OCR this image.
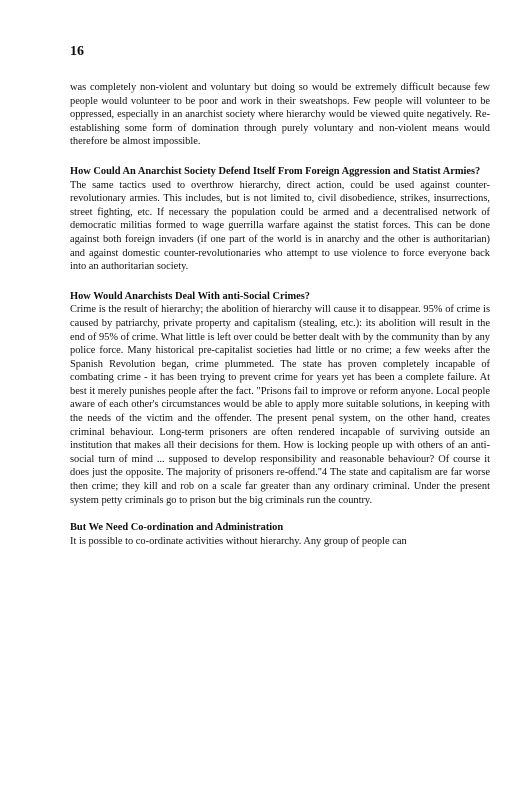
16

was completely non-violent and voluntary but doing so would be extremely difficult because few people would volunteer to be poor and work in their sweatshops. Few people will volunteer to be oppressed, especially in an anarchist society where hierarchy would be viewed quite negatively. Re-establishing some form of domination through purely voluntary and non-violent means would therefore be almost impossible.

How Could An Anarchist Society Defend Itself From Foreign Aggression and Statist Armies?

The same tactics used to overthrow hierarchy, direct action, could be used against counter-revolutionary armies. This includes, but is not limited to, civil disobedience, strikes, insurrections, street fighting, etc. If necessary the population could be armed and a decentralised network of democratic militias formed to wage guerrilla warfare against the statist forces. This can be done against both foreign invaders (if one part of the world is in anarchy and the other is authoritarian) and against domestic counter-revolutionaries who attempt to use violence to force everyone back into an authoritarian society.

How Would Anarchists Deal With anti-Social Crimes?

Crime is the result of hierarchy; the abolition of hierarchy will cause it to disappear. 95% of crime is caused by patriarchy, private property and capitalism (stealing, etc.): its abolition will result in the end of 95% of crime. What little is left over could be better dealt with by the community than by any police force. Many historical pre-capitalist societies had little or no crime; a few weeks after the Spanish Revolution began, crime plummeted. The state has proven completely incapable of combating crime - it has been trying to prevent crime for years yet has been a complete failure. At best it merely punishes people after the fact. "Prisons fail to improve or reform anyone. Local people aware of each other's circumstances would be able to apply more suitable solutions, in keeping with the needs of the victim and the offender. The present penal system, on the other hand, creates criminal behaviour. Long-term prisoners are often rendered incapable of surviving outside an institution that makes all their decisions for them. How is locking people up with others of an anti-social turn of mind ... supposed to develop responsibility and reasonable behaviour? Of course it does just the opposite. The majority of prisoners re-offend."4 The state and capitalism are far worse then crime; they kill and rob on a scale far greater than any ordinary criminal. Under the present system petty criminals go to prison but the big criminals run the country.

But We Need Co-ordination and Administration

It is possible to co-ordinate activities without hierarchy. Any group of people can
